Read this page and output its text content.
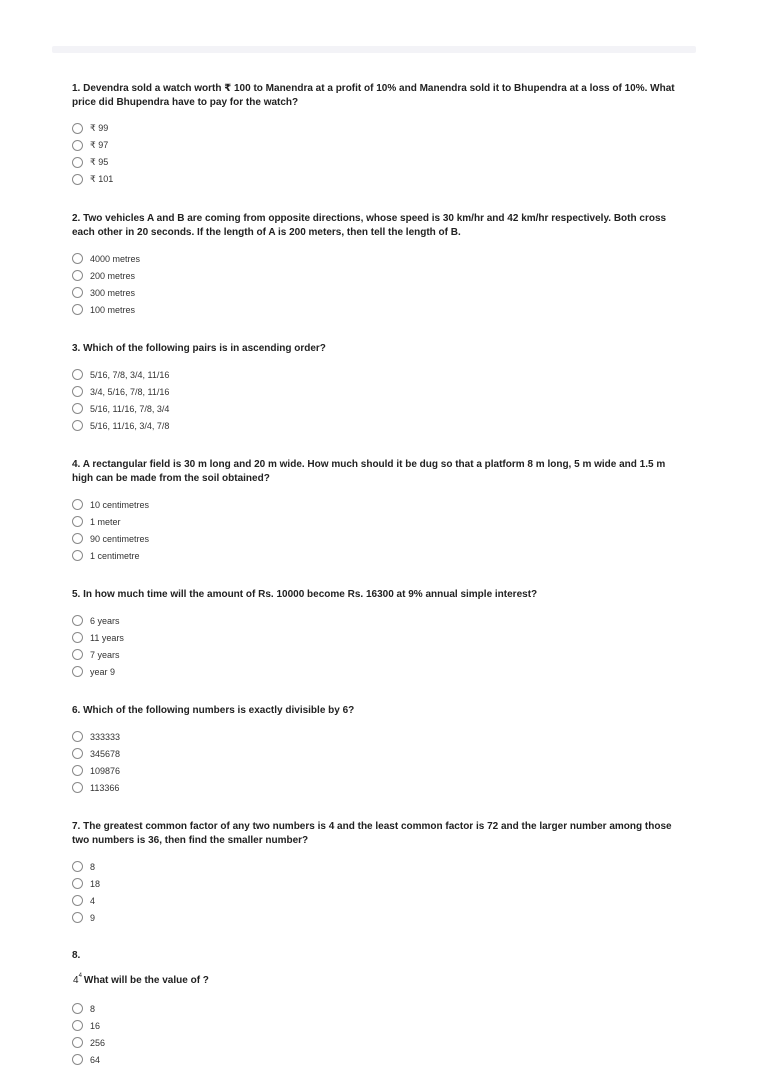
1. Devendra sold a watch worth ₹ 100 to Manendra at a profit of 10% and Manendra sold it to Bhupendra at a loss of 10%. What price did Bhupendra have to pay for the watch?

₹ 99
₹ 97
₹ 95
₹ 101

2. Two vehicles A and B are coming from opposite directions, whose speed is 30 km/hr and 42 km/hr respectively. Both cross each other in 20 seconds. If the length of A is 200 meters, then tell the length of B.

4000 metres
200 metres
300 metres
100 metres

3. Which of the following pairs is in ascending order?

5/16, 7/8, 3/4, 11/16
3/4, 5/16, 7/8, 11/16
5/16, 11/16, 7/8, 3/4
5/16, 11/16, 3/4, 7/8

4. A rectangular field is 30 m long and 20 m wide. How much should it be dug so that a platform 8 m long, 5 m wide and 1.5 m high can be made from the soil obtained?

10 centimetres
1 meter
90 centimetres
1 centimetre

5. In how much time will the amount of Rs. 10000 become Rs. 16300 at 9% annual simple interest?

6 years
11 years
7 years
year 9

6. Which of the following numbers is exactly divisible by 6?

333333
345678
109876
113366

7. The greatest common factor of any two numbers is 4 and the least common factor is 72 and the larger number among those two numbers is 36, then find the smaller number?

8
18
4
9

8.

$4^4$ What will be the value of ?

8
16
256
64
